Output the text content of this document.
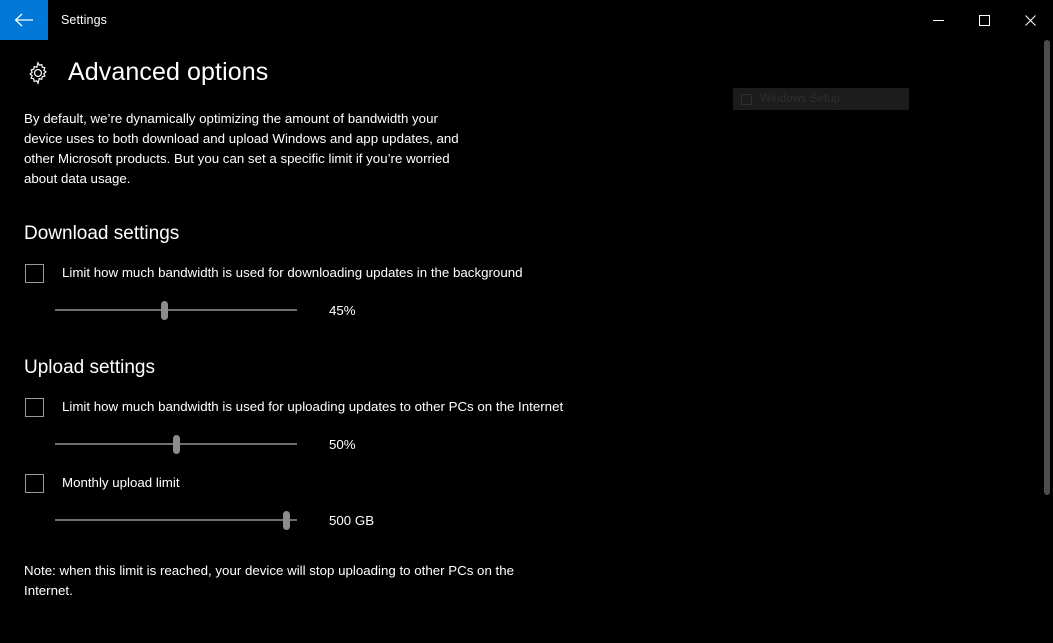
Settings
Windows Setup
Advanced options
By default, we’re dynamically optimizing the amount of bandwidth your device uses to both download and upload Windows and app updates, and other Microsoft products. But you can set a specific limit if you’re worried about data usage.
Download settings
Limit how much bandwidth is used for downloading updates in the background
45%
Upload settings
Limit how much bandwidth is used for uploading updates to other PCs on the Internet
50%
Monthly upload limit
500 GB
Note: when this limit is reached, your device will stop uploading to other PCs on the Internet.
